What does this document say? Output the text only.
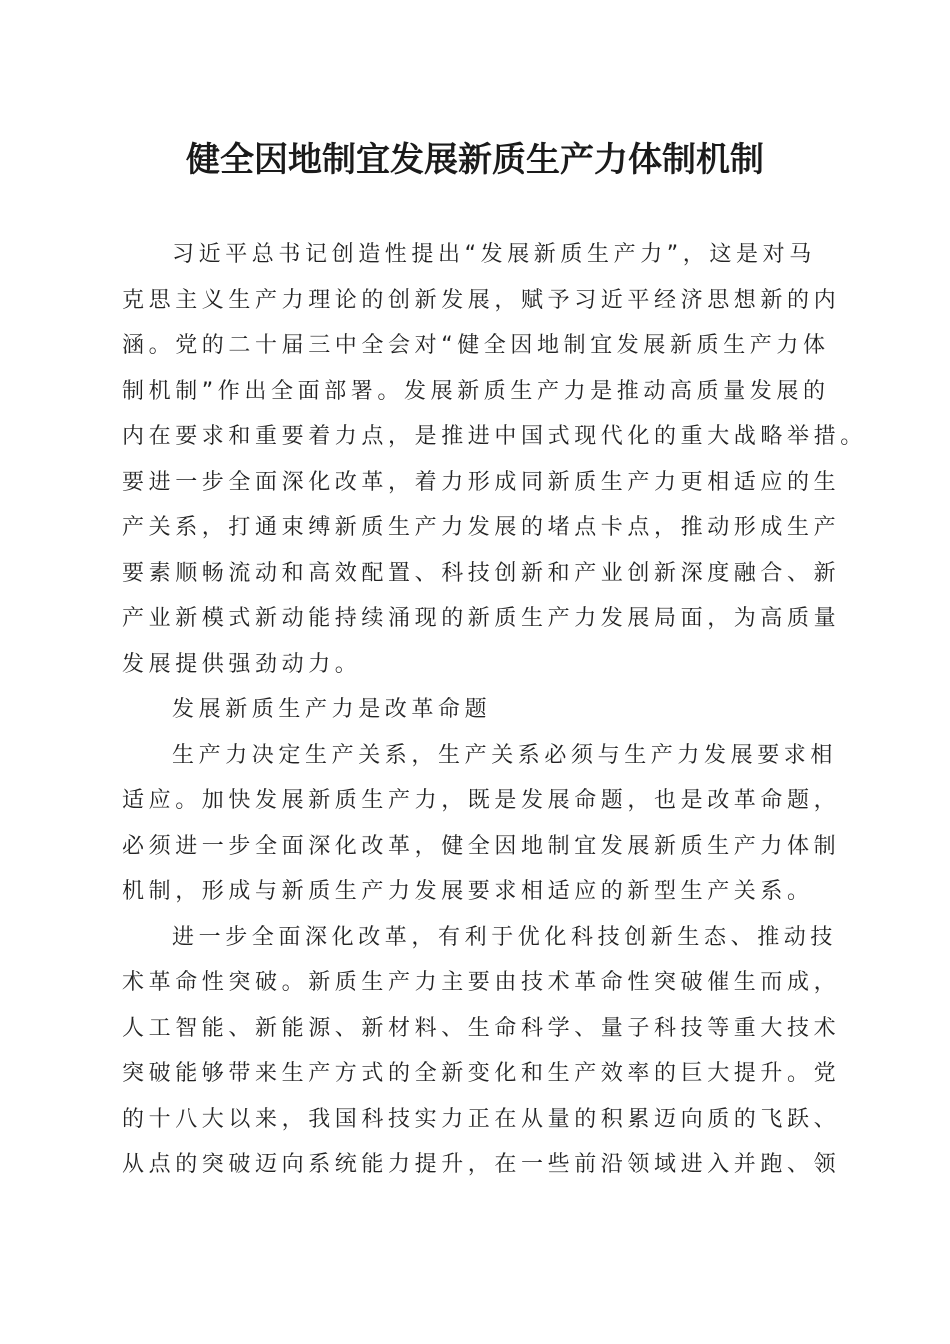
健全因地制宜发展新质生产力体制机制
习近平总书记创造性提出“发展新质生产力”，这是对马
克思主义生产力理论的创新发展，赋予习近平经济思想新的内
涵。党的二十届三中全会对“健全因地制宜发展新质生产力体
制机制”作出全面部署。发展新质生产力是推动高质量发展的
内在要求和重要着力点，是推进中国式现代化的重大战略举措。
要进一步全面深化改革，着力形成同新质生产力更相适应的生
产关系，打通束缚新质生产力发展的堵点卡点，推动形成生产
要素顺畅流动和高效配置、科技创新和产业创新深度融合、新
产业新模式新动能持续涌现的新质生产力发展局面，为高质量
发展提供强劲动力。
发展新质生产力是改革命题
生产力决定生产关系，生产关系必须与生产力发展要求相
适应。加快发展新质生产力，既是发展命题，也是改革命题，
必须进一步全面深化改革，健全因地制宜发展新质生产力体制
机制，形成与新质生产力发展要求相适应的新型生产关系。
进一步全面深化改革，有利于优化科技创新生态、推动技
术革命性突破。新质生产力主要由技术革命性突破催生而成，
人工智能、新能源、新材料、生命科学、量子科技等重大技术
突破能够带来生产方式的全新变化和生产效率的巨大提升。党
的十八大以来，我国科技实力正在从量的积累迈向质的飞跃、
从点的突破迈向系统能力提升，在一些前沿领域进入并跑、领
